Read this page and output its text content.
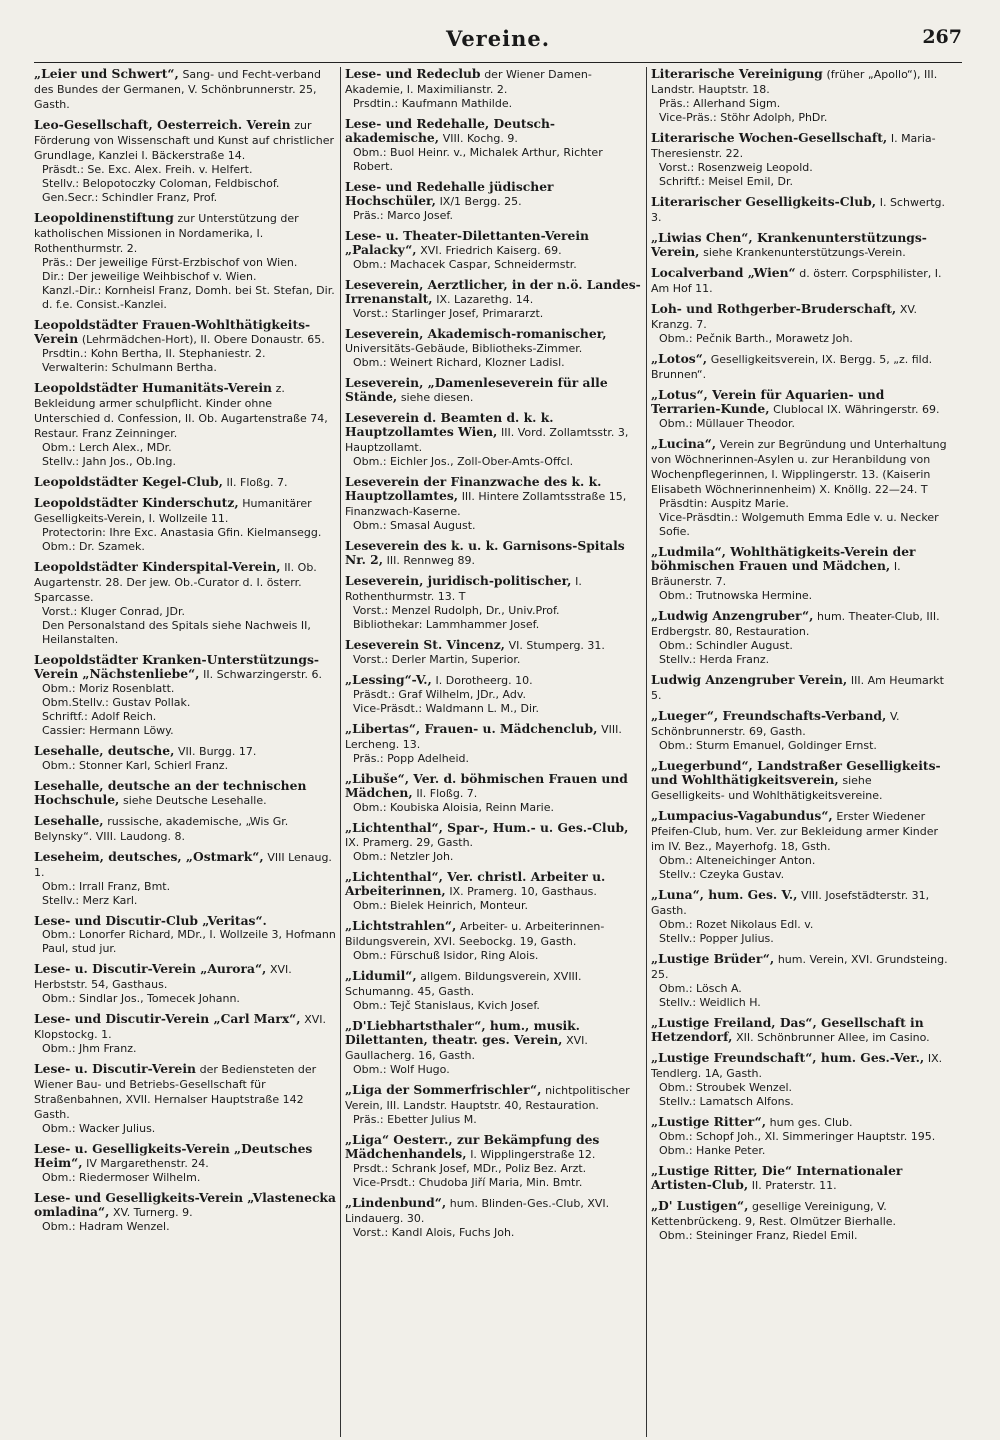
Vereine.	267
„Leier und Schwert“, Sang- und Fecht-verband des Bundes der Germanen, V. Schönbrunnerstr. 25, Gasth.
Leo-Gesellschaft, Oesterreich. Verein zur Förderung von Wissenschaft und Kunst auf christlicher Grundlage, Kanzlei I. Bäckerstraße 14.
Präsdt.: Se. Exc. Alex. Freih. v. Helfert.
Stellv.: Belopotoczky Coloman, Feldbischof.
Gen.Secr.: Schindler Franz, Prof.
Leopoldinenstiftung zur Unterstützung der katholischen Missionen in Nordamerika, I. Rothenthurmstr. 2.
Präs.: Der jeweilige Fürst-Erzbischof von Wien.
Dir.: Der jeweilige Weihbischof v. Wien.
Kanzl.-Dir.: Kornheisl Franz, Domh. bei St. Stefan, Dir. d. f.e. Consist.-Kanzlei.
Leopoldstädter Frauen-Wohlthätigkeits-Verein (Lehrmädchen-Hort), II. Obere Donaustr. 65.
Prsdtin.: Kohn Bertha, II. Stephaniestr. 2.
Verwalterin: Schulmann Bertha.
Leopoldstädter Humanitäts-Verein z. Bekleidung armer schulpflicht. Kinder ohne Unterschied d. Confession, II. Ob. Augartenstraße 74, Restaur. Franz Zeinninger.
Obm.: Lerch Alex., MDr.
Stellv.: Jahn Jos., Ob.Ing.
Leopoldstädter Kegel-Club, II. Floßg. 7.
Leopoldstädter Kinderschutz, Humanitärer Geselligkeits-Verein, I. Wollzeile 11.
Protectorin: Ihre Exc. Anastasia Gfin. Kielmansegg.
Obm.: Dr. Szamek.
Leopoldstädter Kinderspital-Verein, II. Ob. Augartenstr. 28. Der jew. Ob.-Curator d. I. österr. Sparcasse.
Vorst.: Kluger Conrad, JDr.
Den Personalstand des Spitals siehe Nachweis II, Heilanstalten.
Leopoldstädter Kranken-Unterstützungs-Verein „Nächstenliebe“, II. Schwarzingerstr. 6.
Obm.: Moriz Rosenblatt.
Obm.Stellv.: Gustav Pollak.
Schriftf.: Adolf Reich.
Cassier: Hermann Löwy.
Lesehalle, deutsche, VII. Burgg. 17.
Obm.: Stonner Karl, Schierl Franz.
Lesehalle, deutsche an der technischen Hochschule, siehe Deutsche Lesehalle.
Lesehalle, russische, akademische, „Wis Gr. Belynsky“. VIII. Laudong. 8.
Leseheim, deutsches, „Ostmark“, VIII Lenaug. 1.
Obm.: Irrall Franz, Bmt.
Stellv.: Merz Karl.
Lese- und Discutir-Club „Veritas“.
Obm.: Lonorfer Richard, MDr., I. Wollzeile 3, Hofmann Paul, stud jur.
Lese- u. Discutir-Verein „Aurora“, XVI. Herbststr. 54, Gasthaus.
Obm.: Sindlar Jos., Tomecek Johann.
Lese- und Discutir-Verein „Carl Marx“, XVI. Klopstockg. 1.
Obm.: Jhm Franz.
Lese- u. Discutir-Verein der Bediensteten der Wiener Bau- und Betriebs-Gesellschaft für Straßenbahnen, XVII. Hernalser Hauptstraße 142 Gasth.
Obm.: Wacker Julius.
Lese- u. Geselligkeits-Verein „Deutsches Heim“, IV Margarethenstr. 24.
Obm.: Riedermoser Wilhelm.
Lese- und Geselligkeits-Verein „Vlastenecka omladina“, XV. Turnerg. 9.
Obm.: Hadram Wenzel.
Lese- und Redeclub der Wiener Damen-Akademie, I. Maximilianstr. 2.
Prsdtin.: Kaufmann Mathilde.
Lese- und Redehalle, Deutsch-akademische, VIII. Kochg. 9.
Obm.: Buol Heinr. v., Michalek Arthur, Richter Robert.
Lese- und Redehalle jüdischer Hochschüler, IX/1 Bergg. 25.
Präs.: Marco Josef.
Lese- u. Theater-Dilettanten-Verein „Palacky“, XVI. Friedrich Kaiserg. 69.
Obm.: Machacek Caspar, Schneidermstr.
Leseverein, Aerztlicher, in der n.ö. Landes-Irrenanstalt, IX. Lazarethg. 14.
Vorst.: Starlinger Josef, Primararzt.
Leseverein, Akademisch-romanischer, Universitäts-Gebäude, Bibliotheks-Zimmer.
Obm.: Weinert Richard, Klozner Ladisl.
Leseverein, „Damenleseverein für alle Stände, siehe diesen.
Leseverein d. Beamten d. k. k. Hauptzollamtes Wien, III. Vord. Zollamtsstr. 3, Hauptzollamt.
Obm.: Eichler Jos., Zoll-Ober-Amts-Offcl.
Leseverein der Finanzwache des k. k. Hauptzollamtes, III. Hintere Zollamtsstraße 15, Finanzwach-Kaserne.
Obm.: Smasal August.
Leseverein des k. u. k. Garnisons-Spitals Nr. 2, III. Rennweg 89.
Leseverein, juridisch-politischer, I. Rothenthurmstr. 13. T
Vorst.: Menzel Rudolph, Dr., Univ.Prof.
Bibliothekar: Lammhammer Josef.
Leseverein St. Vincenz, VI. Stumperg. 31.
Vorst.: Derler Martin, Superior.
„Lessing“-V., I. Dorotheerg. 10.
Präsdt.: Graf Wilhelm, JDr., Adv.
Vice-Präsdt.: Waldmann L. M., Dir.
„Libertas“, Frauen- u. Mädchenclub, VIII. Lercheng. 13.
Präs.: Popp Adelheid.
„Libuše“, Ver. d. böhmischen Frauen und Mädchen, II. Floßg. 7.
Obm.: Koubiska Aloisia, Reinn Marie.
„Lichtenthal“, Spar-, Hum.- u. Ges.-Club, IX. Pramerg. 29, Gasth.
Obm.: Netzler Joh.
„Lichtenthal“, Ver. christl. Arbeiter u. Arbeiterinnen, IX. Pramerg. 10, Gasthaus.
Obm.: Bielek Heinrich, Monteur.
„Lichtstrahlen“, Arbeiter- u. Arbeiterinnen-Bildungsverein, XVI. Seebockg. 19, Gasth.
Obm.: Fürschuß Isidor, Ring Alois.
„Lidumil“, allgem. Bildungsverein, XVIII. Schumanng. 45, Gasth.
Obm.: Tejč Stanislaus, Kvich Josef.
„D'Liebhartsthaler“, hum., musik. Dilettanten, theatr. ges. Verein, XVI. Gaullacherg. 16, Gasth.
Obm.: Wolf Hugo.
„Liga der Sommerfrischler“, nichtpolitischer Verein, III. Landstr. Hauptstr. 40, Restauration.
Präs.: Ebetter Julius M.
„Liga“ Oesterr., zur Bekämpfung des Mädchenhandels, I. Wipplingerstraße 12.
Prsdt.: Schrank Josef, MDr., Poliz Bez. Arzt.
Vice-Prsdt.: Chudoba Jiří Maria, Min. Bmtr.
„Lindenbund“, hum. Blinden-Ges.-Club, XVI. Lindauerg. 30.
Vorst.: Kandl Alois, Fuchs Joh.
Literarische Vereinigung (früher „Apollo“), III. Landstr. Hauptstr. 18.
Präs.: Allerhand Sigm.
Vice-Präs.: Stöhr Adolph, PhDr.
Literarische Wochen-Gesellschaft, I. Maria-Theresienstr. 22.
Vorst.: Rosenzweig Leopold.
Schriftf.: Meisel Emil, Dr.
Literarischer Geselligkeits-Club, I. Schwertg. 3.
„Liwias Chen“, Krankenunterstützungs-Verein, siehe Krankenunterstützungs-Verein.
Localverband „Wien“ d. österr. Corpsphilister, I. Am Hof 11.
Loh- und Rothgerber-Bruderschaft, XV. Kranzg. 7.
Obm.: Pečnik Barth., Morawetz Joh.
„Lotos“, Geselligkeitsverein, IX. Bergg. 5, „z. fild. Brunnen“.
„Lotus“, Verein für Aquarien- und Terrarien-Kunde, Clublocal IX. Währingerstr. 69.
Obm.: Müllauer Theodor.
„Lucina“, Verein zur Begründung und Unterhaltung von Wöchnerinnen-Asylen u. zur Heranbildung von Wochenpflegerinnen, I. Wipplingerstr. 13. (Kaiserin Elisabeth Wöchnerinnenheim) X. Knöllg. 22—24. T
Präsdtin: Auspitz Marie.
Vice-Präsdtin.: Wolgemuth Emma Edle v. u. Necker Sofie.
„Ludmila“, Wohlthätigkeits-Verein der böhmischen Frauen und Mädchen, I. Bräunerstr. 7.
Obm.: Trutnowska Hermine.
„Ludwig Anzengruber“, hum. Theater-Club, III. Erdbergstr. 80, Restauration.
Obm.: Schindler August.
Stellv.: Herda Franz.
Ludwig Anzengruber Verein, III. Am Heumarkt 5.
„Lueger“, Freundschafts-Verband, V. Schönbrunnerstr. 69, Gasth.
Obm.: Sturm Emanuel, Goldinger Ernst.
„Luegerbund“, Landstraßer Geselligkeits- und Wohlthätigkeitsverein, siehe Geselligkeits- und Wohlthätigkeitsvereine.
„Lumpacius-Vagabundus“, Erster Wiedener Pfeifen-Club, hum. Ver. zur Bekleidung armer Kinder im IV. Bez., Mayerhofg. 18, Gsth.
Obm.: Alteneichinger Anton.
Stellv.: Czeyka Gustav.
„Luna“, hum. Ges. V., VIII. Josefstädterstr. 31, Gasth.
Obm.: Rozet Nikolaus Edl. v.
Stellv.: Popper Julius.
„Lustige Brüder“, hum. Verein, XVI. Grundsteing. 25.
Obm.: Lösch A.
Stellv.: Weidlich H.
„Lustige Freiland, Das“, Gesellschaft in Hetzendorf, XII. Schönbrunner Allee, im Casino.
„Lustige Freundschaft“, hum. Ges.-Ver., IX. Tendlerg. 1A, Gasth.
Obm.: Stroubek Wenzel.
Stellv.: Lamatsch Alfons.
„Lustige Ritter“, hum ges. Club.
Obm.: Schopf Joh., XI. Simmeringer Hauptstr. 195.
Obm.: Hanke Peter.
„Lustige Ritter, Die“ Internationaler Artisten-Club, II. Praterstr. 11.
„D' Lustigen“, gesellige Vereinigung, V. Kettenbrückeng. 9, Rest. Olmützer Bierhalle.
Obm.: Steininger Franz, Riedel Emil.
